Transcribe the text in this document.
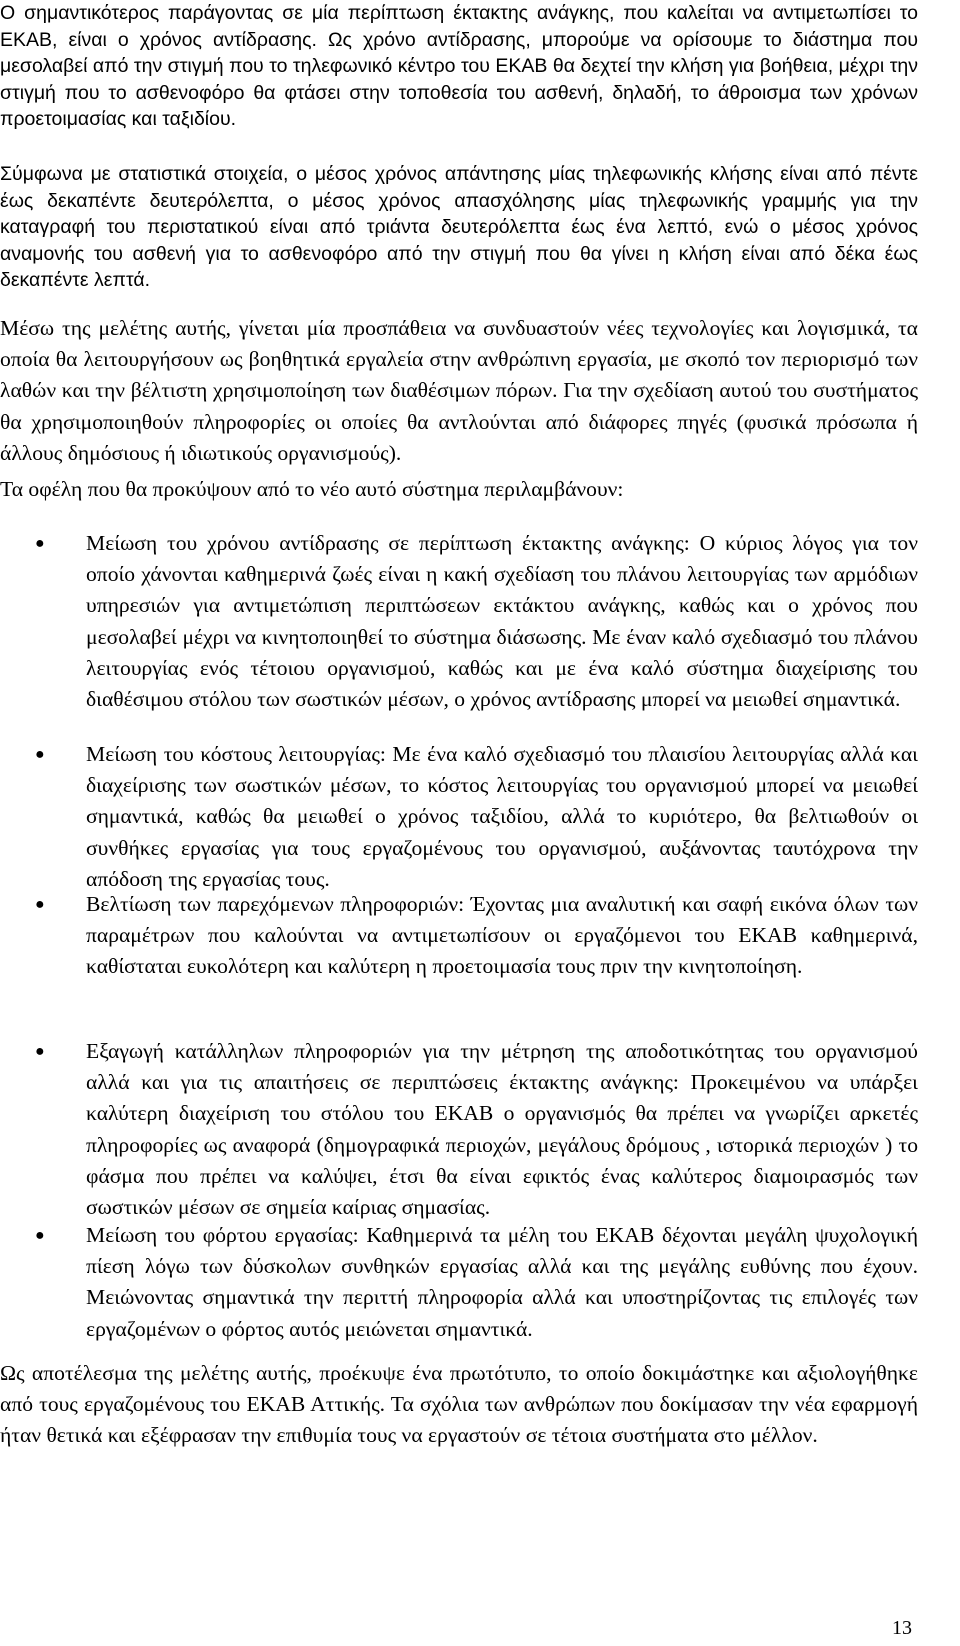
Ο σημαντικότερος παράγοντας σε μία περίπτωση έκτακτης ανάγκης, που καλείται να αντιμετωπίσει το ΕΚΑΒ, είναι ο χρόνος αντίδρασης. Ως χρόνο αντίδρασης, μπορούμε να ορίσουμε το διάστημα που μεσολαβεί από την στιγμή που το τηλεφωνικό κέντρο του ΕΚΑΒ θα δεχτεί την κλήση για βοήθεια, μέχρι την στιγμή που το ασθενοφόρο θα φτάσει στην τοποθεσία του ασθενή, δηλαδή, το άθροισμα των χρόνων προετοιμασίας και ταξιδίου.

Σύμφωνα με στατιστικά στοιχεία, ο μέσος χρόνος απάντησης μίας τηλεφωνικής κλήσης είναι από πέντε έως δεκαπέντε δευτερόλεπτα, ο μέσος χρόνος απασχόλησης μίας τηλεφωνικής γραμμής για την καταγραφή του περιστατικού είναι από τριάντα δευτερόλεπτα έως ένα λεπτό, ενώ ο μέσος χρόνος αναμονής του ασθενή για το ασθενοφόρο από την στιγμή που θα γίνει η κλήση είναι από δέκα έως δεκαπέντε λεπτά.

Μέσω της μελέτης αυτής, γίνεται μία προσπάθεια να συνδυαστούν νέες τεχνολογίες και λογισμικά, τα οποία θα λειτουργήσουν ως βοηθητικά εργαλεία στην ανθρώπινη εργασία, με σκοπό τον περιορισμό των λαθών και την βέλτιστη χρησιμοποίηση των διαθέσιμων πόρων. Για την σχεδίαση αυτού του συστήματος θα χρησιμοποιηθούν πληροφορίες οι οποίες θα αντλούνται από διάφορες πηγές (φυσικά πρόσωπα ή άλλους δημόσιους ή ιδιωτικούς οργανισμούς).

Τα οφέλη που θα προκύψουν από το νέο αυτό σύστημα περιλαμβάνουν:

● Μείωση του χρόνου αντίδρασης σε περίπτωση έκτακτης ανάγκης: Ο κύριος λόγος για τον οποίο χάνονται καθημερινά ζωές είναι η κακή σχεδίαση του πλάνου λειτουργίας των αρμόδιων υπηρεσιών για αντιμετώπιση περιπτώσεων εκτάκτου ανάγκης, καθώς και ο χρόνος που μεσολαβεί μέχρι να κινητοποιηθεί το σύστημα διάσωσης. Με έναν καλό σχεδιασμό του πλάνου λειτουργίας ενός τέτοιου οργανισμού, καθώς και με ένα καλό σύστημα διαχείρισης του διαθέσιμου στόλου των σωστικών μέσων, ο χρόνος αντίδρασης μπορεί να μειωθεί σημαντικά.
● Μείωση του κόστους λειτουργίας: Με ένα καλό σχεδιασμό του πλαισίου λειτουργίας αλλά και διαχείρισης των σωστικών μέσων, το κόστος λειτουργίας του οργανισμού μπορεί να μειωθεί σημαντικά, καθώς θα μειωθεί ο χρόνος ταξιδίου, αλλά το κυριότερο, θα βελτιωθούν οι συνθήκες εργασίας για τους εργαζομένους του οργανισμού, αυξάνοντας ταυτόχρονα την απόδοση της εργασίας τους.
● Βελτίωση των παρεχόμενων πληροφοριών: Έχοντας μια αναλυτική και σαφή εικόνα όλων των παραμέτρων που καλούνται να αντιμετωπίσουν οι εργαζόμενοι του ΕΚΑΒ καθημερινά, καθίσταται ευκολότερη και καλύτερη η προετοιμασία τους πριν την κινητοποίηση.
● Εξαγωγή κατάλληλων πληροφοριών για την μέτρηση της αποδοτικότητας του οργανισμού αλλά και για τις απαιτήσεις σε περιπτώσεις έκτακτης ανάγκης: Προκειμένου να υπάρξει καλύτερη διαχείριση του στόλου του ΕΚΑΒ ο οργανισμός θα πρέπει να γνωρίζει αρκετές πληροφορίες ως αναφορά (δημογραφικά περιοχών, μεγάλους δρόμους , ιστορικά περιοχών ) το φάσμα που πρέπει να καλύψει, έτσι θα είναι εφικτός ένας καλύτερος διαμοιρασμός των σωστικών μέσων σε σημεία καίριας σημασίας.
● Μείωση του φόρτου εργασίας: Καθημερινά τα μέλη του ΕΚΑΒ δέχονται μεγάλη ψυχολογική πίεση λόγω των δύσκολων συνθηκών εργασίας αλλά και της μεγάλης ευθύνης που έχουν. Μειώνοντας σημαντικά την περιττή πληροφορία αλλά και υποστηρίζοντας τις επιλογές των εργαζομένων ο φόρτος αυτός μειώνεται σημαντικά.

Ως αποτέλεσμα της μελέτης αυτής, προέκυψε ένα πρωτότυπο, το οποίο δοκιμάστηκε και αξιολογήθηκε από τους εργαζομένους του ΕΚΑΒ Αττικής. Τα σχόλια των ανθρώπων που δοκίμασαν την νέα εφαρμογή ήταν θετικά και εξέφρασαν την επιθυμία τους να εργαστούν σε τέτοια συστήματα στο μέλλον.

13
